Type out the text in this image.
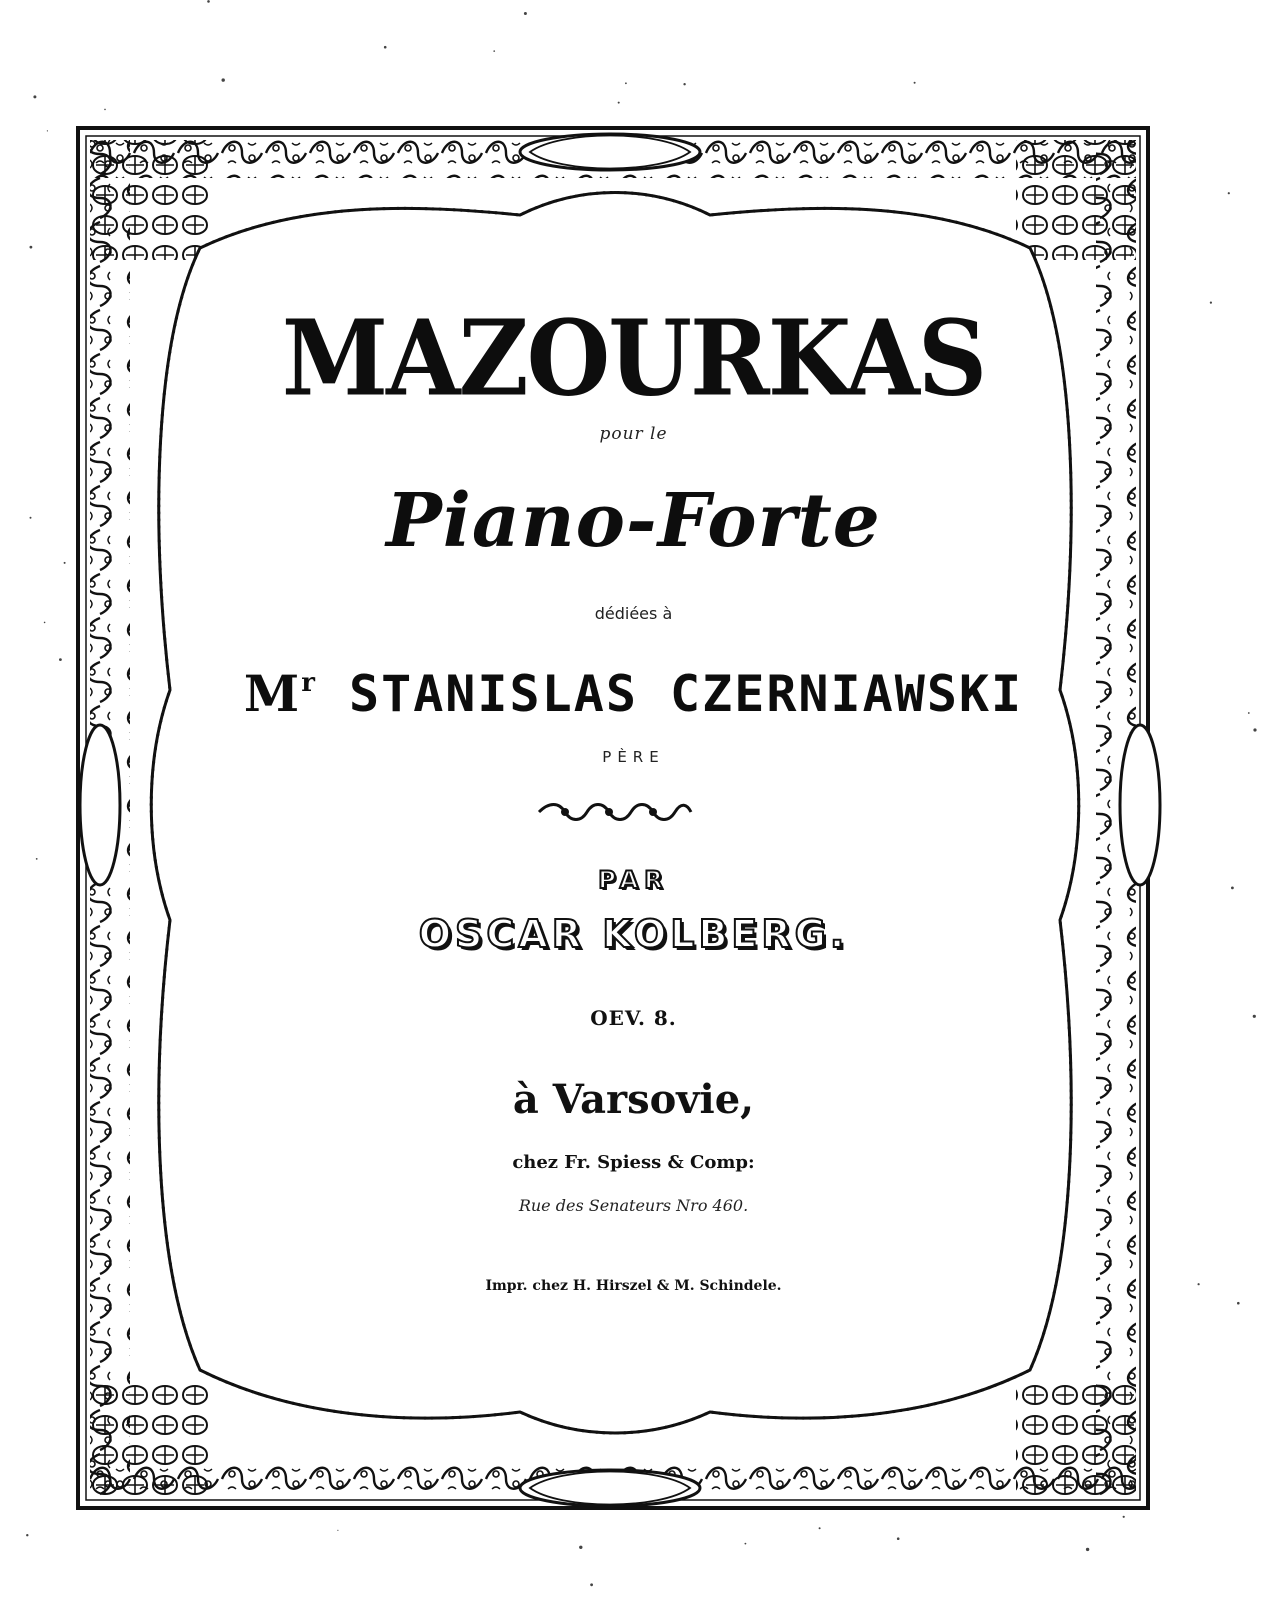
MAZOURKAS
pour le
Piano-Forte
dédiées à
$M^r$ STANISLAS CZERNIAWSKI
PÈRE
PAR
OSCAR KOLBERG.
OEV. 8.
à Varsovie,
chez Fr. Spiess & Comp:
Rue des Senateurs Nro 460.
Impr. chez H. Hirszel & M. Schindele.
